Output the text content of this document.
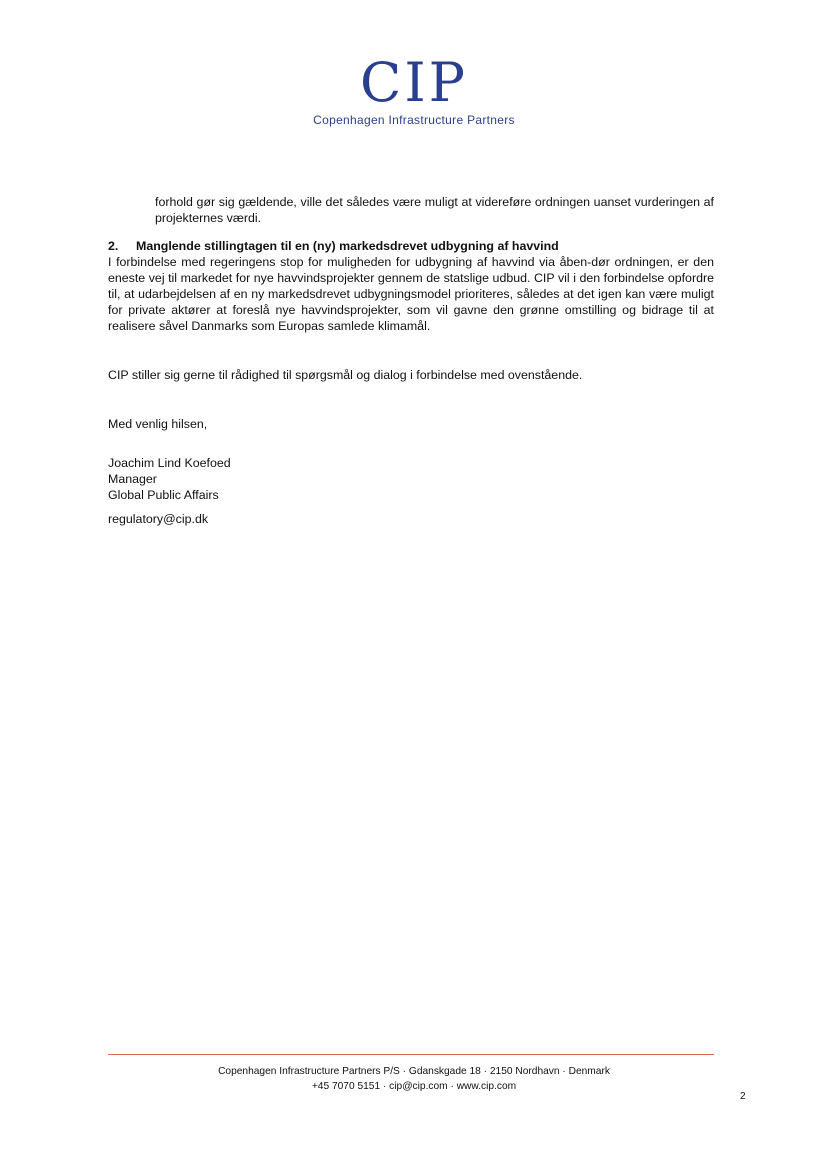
CIP
Copenhagen Infrastructure Partners
forhold gør sig gældende, ville det således være muligt at videreføre ordningen uanset vurderingen af projekternes værdi.
2. Manglende stillingtagen til en (ny) markedsdrevet udbygning af havvind
I forbindelse med regeringens stop for muligheden for udbygning af havvind via åben-dør ordningen, er den eneste vej til markedet for nye havvindsprojekter gennem de statslige udbud. CIP vil i den forbindelse opfordre til, at udarbejdelsen af en ny markedsdrevet udbygningsmodel prioriteres, således at det igen kan være muligt for private aktører at foreslå nye havvindsprojekter, som vil gavne den grønne omstilling og bidrage til at realisere såvel Danmarks som Europas samlede klimamål.
CIP stiller sig gerne til rådighed til spørgsmål og dialog i forbindelse med ovenstående.
Med venlig hilsen,
Joachim Lind Koefoed
Manager
Global Public Affairs
regulatory@cip.dk
Copenhagen Infrastructure Partners P/S · Gdanskgade 18 · 2150 Nordhavn · Denmark
+45 7070 5151 · cip@cip.com · www.cip.com
2
